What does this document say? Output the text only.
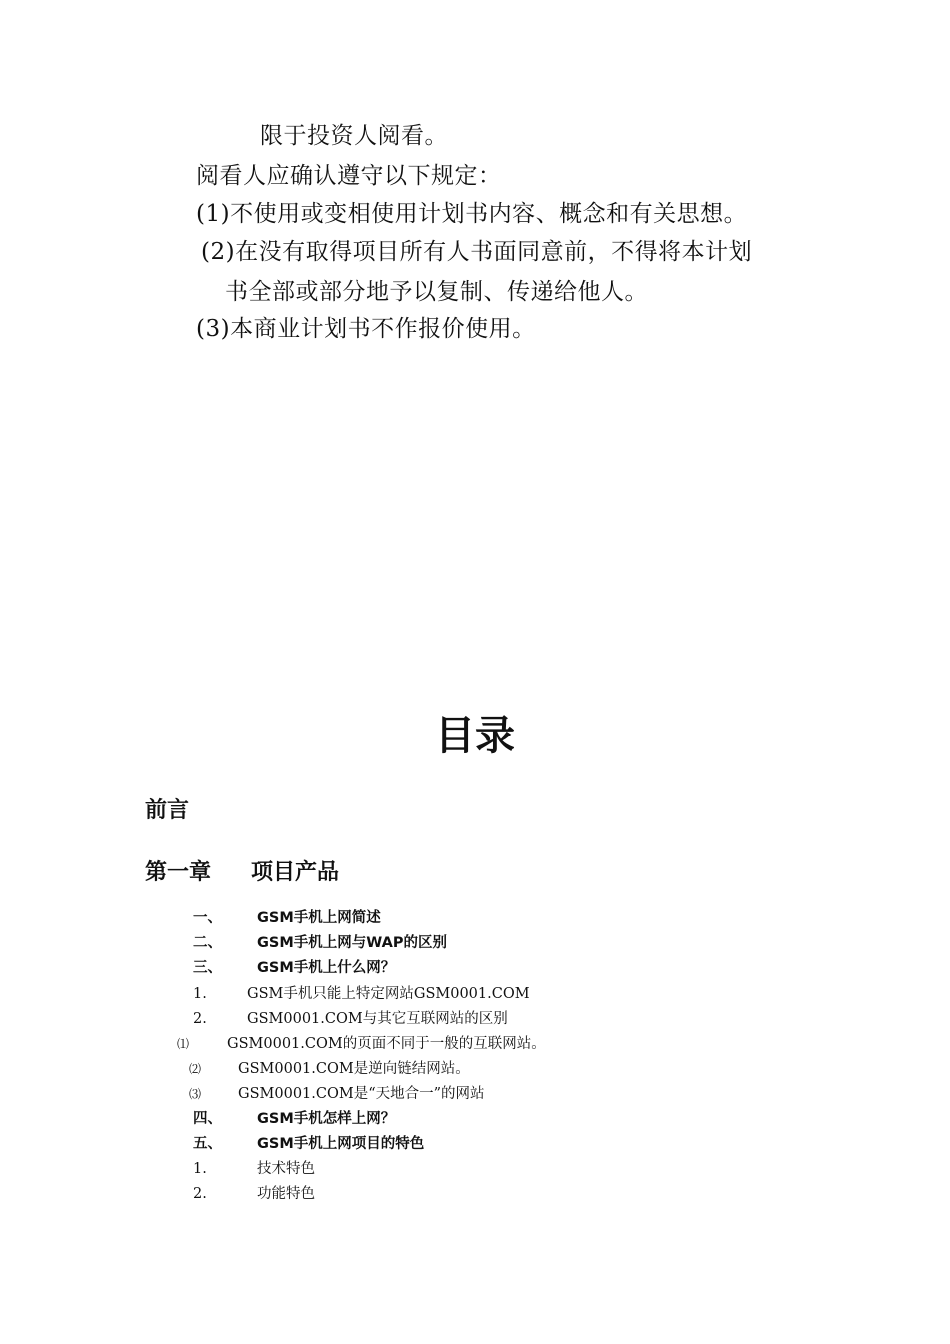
限于投资人阅看。
阅看人应确认遵守以下规定：
(1)不使用或变相使用计划书内容、概念和有关思想。
(2)在没有取得项目所有人书面同意前，不得将本计划
书全部或部分地予以复制、传递给他人。
(3)本商业计划书不作报价使用。
目录
前言
第一章 项目产品
一、 GSM手机上网简述
二、 GSM手机上网与WAP的区别
三、 GSM手机上什么网？
1.	GSM手机只能上特定网站GSM0001.COM
2.	GSM0001.COM与其它互联网站的区别
⑴	GSM0001.COM的页面不同于一般的互联网站。
⑵	GSM0001.COM是逆向链结网站。
⑶	GSM0001.COM是“天地合一”的网站
四、 GSM手机怎样上网？
五、 GSM手机上网项目的特色
1.	技术特色
2.	功能特色
